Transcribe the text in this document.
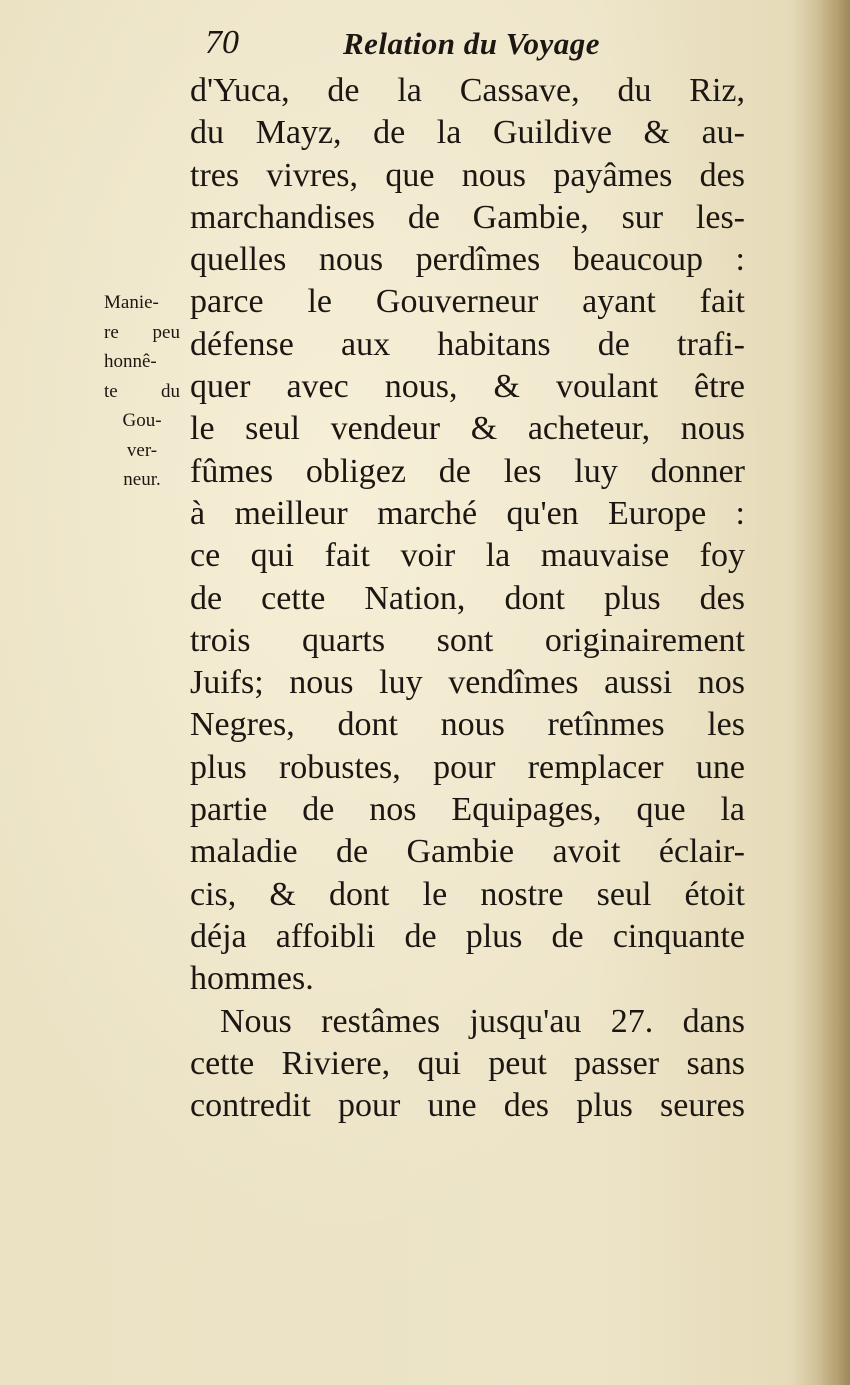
70	Relation du Voyage
Manie-
re peu
honnê-
te du
Gou-
ver-
neur.
d'Yuca, de la Cassave, du Riz,
du Mayz, de la Guildive & au-
tres vivres, que nous payâmes des
marchandises de Gambie, sur les-
quelles nous perdîmes beaucoup :
parce le Gouverneur ayant fait
défense aux habitans de trafi-
quer avec nous, & voulant être
le seul vendeur & acheteur, nous
fûmes obligez de les luy donner
à meilleur marché qu'en Europe :
ce qui fait voir la mauvaise foy
de cette Nation, dont plus des
trois quarts sont originairement
Juifs; nous luy vendîmes aussi nos
Negres, dont nous retînmes les
plus robustes, pour remplacer une
partie de nos Equipages, que la
maladie de Gambie avoit éclair-
cis, & dont le nostre seul étoit
déja affoibli de plus de cinquante
hommes.
Nous restâmes jusqu'au 27. dans
cette Riviere, qui peut passer sans
contredit pour une des plus seures
